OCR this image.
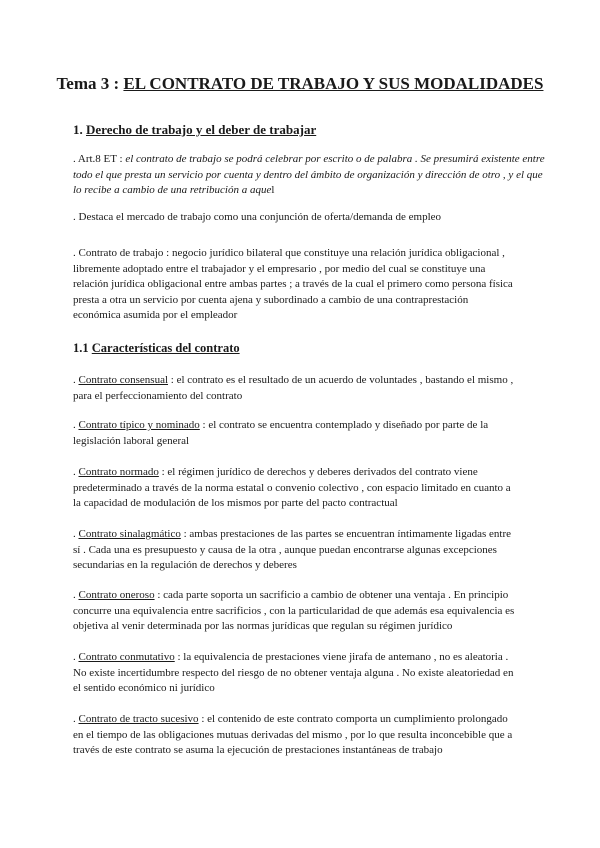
Tema 3 : EL CONTRATO DE TRABAJO Y SUS MODALIDADES
1. Derecho de trabajo y el deber de trabajar
. Art.8 ET : el contrato de trabajo se podrá celebrar por escrito o de palabra . Se presumirá existente entre
todo el que presta un servicio por cuenta y dentro del ámbito de organización y dirección de otro , y el que
lo recibe a cambio de una retribución a aquel
. Destaca el mercado de trabajo como una conjunción de oferta/demanda de empleo
. Contrato de trabajo : negocio jurídico bilateral que constituye una relación jurídica obligacional ,
libremente adoptado entre el trabajador y el empresario , por medio del cual se constituye una
relación jurídica obligacional entre ambas partes ; a través de la cual el primero como persona física
presta a otra un servicio por cuenta ajena y subordinado a cambio de una contraprestación
económica asumida por el empleador
1.1 Características del contrato
. Contrato consensual : el contrato es el resultado de un acuerdo de voluntades , bastando el mismo ,
para el perfeccionamiento del contrato
. Contrato típico y nominado : el contrato se encuentra contemplado y diseñado por parte de la
legislación laboral general
. Contrato normado : el régimen jurídico de derechos y deberes derivados del contrato viene
predeterminado a través de la norma estatal o convenio colectivo , con espacio limitado en cuanto a
la capacidad de modulación de los mismos por parte del pacto contractual
. Contrato sinalagmático : ambas prestaciones de las partes se encuentran íntimamente ligadas entre
sí . Cada una es presupuesto y causa de la otra , aunque puedan encontrarse algunas excepciones
secundarias en la regulación de derechos y deberes
. Contrato oneroso : cada parte soporta un sacrificio a cambio de obtener una ventaja . En principio
concurre una equivalencia entre sacrificios , con la particularidad de que además esa equivalencia es
objetiva al venir determinada por las normas jurídicas que regulan su régimen jurídico
. Contrato conmutativo : la equivalencia de prestaciones viene jirafa de antemano , no es aleatoria .
No existe incertidumbre respecto del riesgo de no obtener ventaja alguna . No existe aleatoriedad en
el sentido económico ni jurídico
. Contrato de tracto sucesivo : el contenido de este contrato comporta un cumplimiento prolongado
en el tiempo de las obligaciones mutuas derivadas del mismo , por lo que resulta inconcebible que a
través de este contrato se asuma la ejecución de prestaciones instantáneas de trabajo
